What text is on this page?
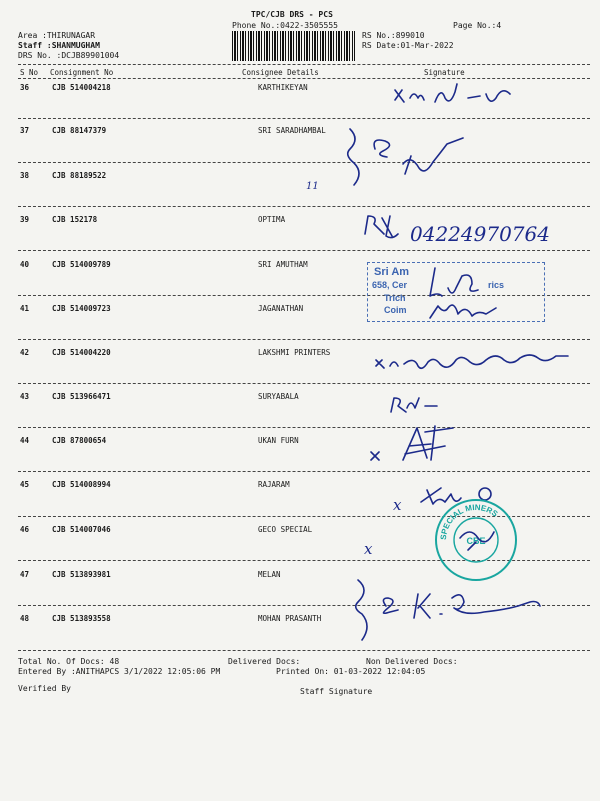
TPC/CJB DRS - PCS
Phone No.:0422-3505555
Area :THIRUNAGAR
Staff :SHANMUGHAM
DRS No. :DCJB89901004
RS No.:899010
Page No.:4
RS Date:01-Mar-2022
S No Consignment No	Consignee Details	Signature
36	CJB 514004218	KARTHIKEYAN
37	CJB 88147379	SRI SARADHAMBAL
38	CJB 88189522
39	CJB 152178	OPTIMA
40	CJB 514009789	SRI AMUTHAM
41	CJB 514009723	JAGANATHAN
42	CJB 514004220	LAKSHMI PRINTERS
43	CJB 513966471	SURYABALA
44	CJB 87800654	UKAN FURN
45	CJB 514008994	RAJARAM
46	CJB 514007046	GECO SPECIAL
47	CJB 513893981	MELAN
48	CJB 513893558	MOHAN PRASANTH
11
04224970764
Sri Am
658, Cer
Trich
Coim
rics
x
x
SPECIAL MINERS
CBE
Total No. Of Docs: 48	Delivered Docs:	Non Delivered Docs:
Entered By :ANITHAPCS 3/1/2022 12:05:06 PM	Printed On: 01-03-2022 12:04:05
Verified By	Staff Signature
